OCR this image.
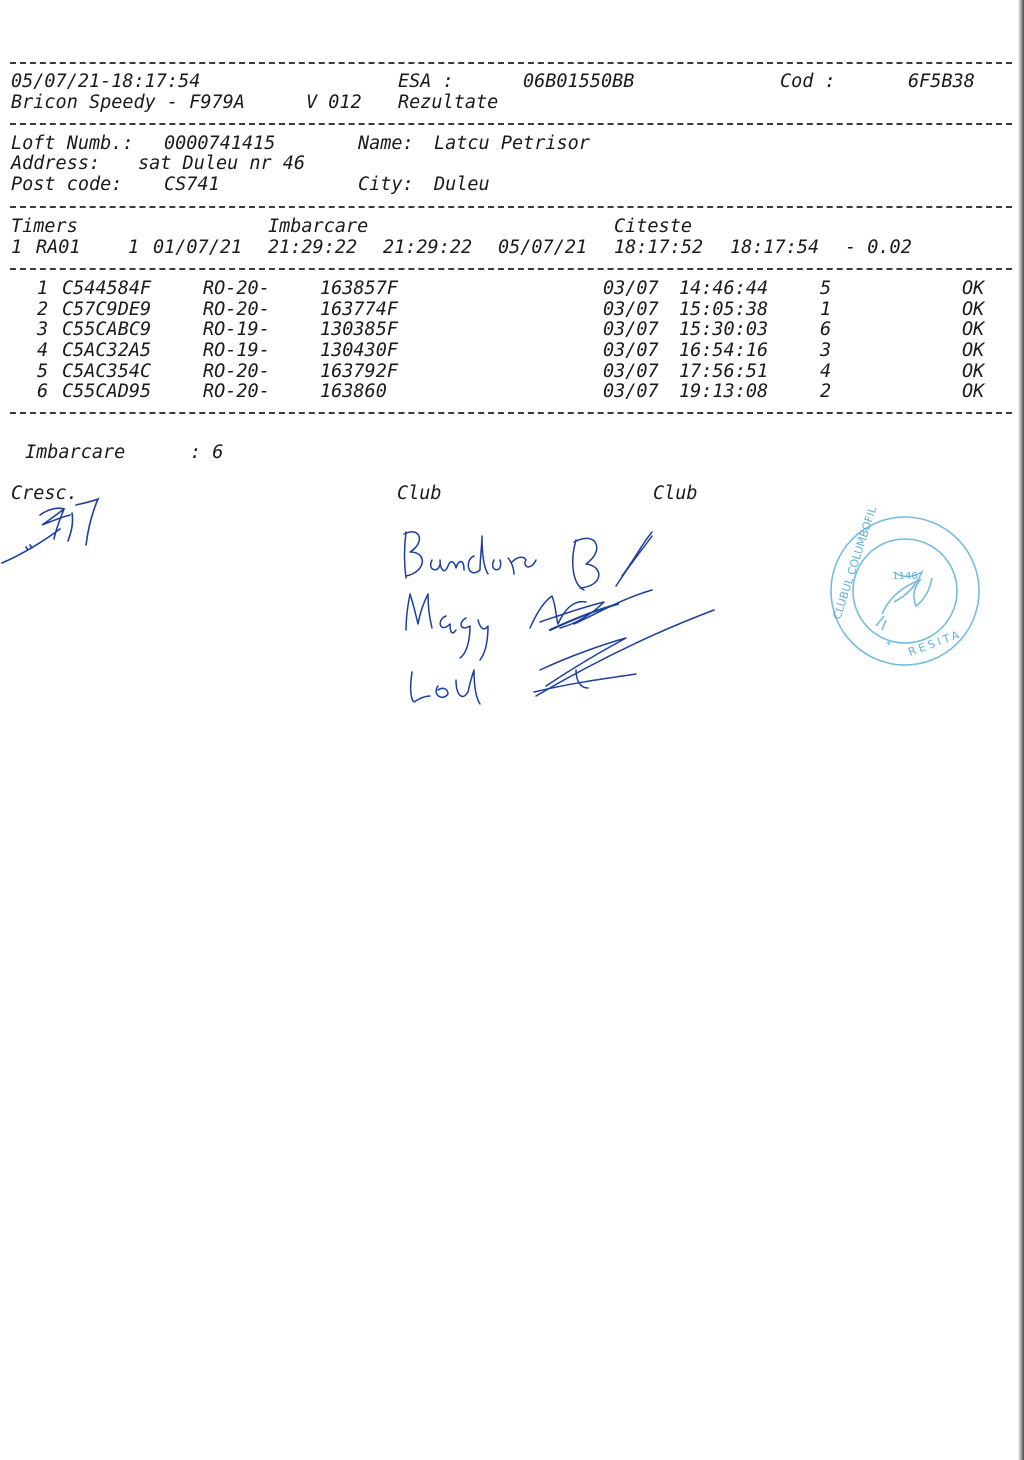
05/07/21-18:17:54	ESA :	06B01550BB	Cod :	6F5B38
Bricon Speedy - F979A	V 012 Rezultate
Loft Numb.: 0000741415	Name: Latcu Petrisor
Address: sat Duleu nr 46
Post code: CS741	City: Duleu
Timers	Imbarcare	Citeste
1 RA01	1 01/07/21 21:29:22 21:29:22 05/07/21 18:17:52 18:17:54 - 0.02
1 C544584F	RO-20-	163857F	03/07 14:46:44	5	OK
2 C57C9DE9	RO-20-	163774F	03/07 15:05:38	1	OK
3 C55CABC9	RO-19-	130385F	03/07 15:30:03	6	OK
4 C5AC32A5	RO-19-	130430F	03/07 16:54:16	3	OK
5 C5AC354C	RO-20-	163792F	03/07 17:56:51	4	OK
6 C55CAD95	RO-20-	163860	03/07 19:13:08	2	OK
Imbarcare	: 6
Cresc.	Club	Club
1146
CLUBUL COLUMBOFIL
RESITA
*
